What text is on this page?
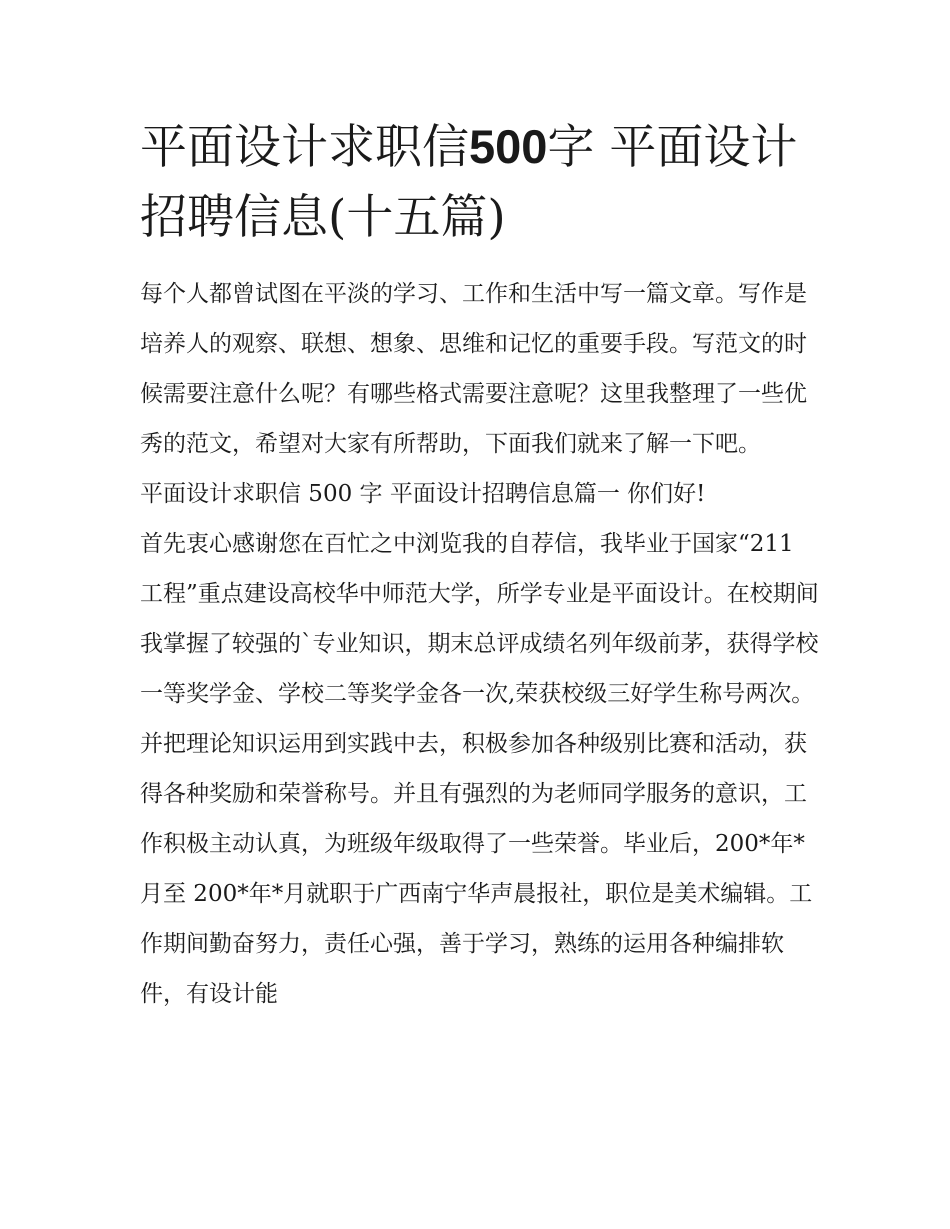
平面设计求职信500字 平面设计招聘信息(十五篇)

每个人都曾试图在平淡的学习、工作和生活中写一篇文章。写作是培养人的观察、联想、想象、思维和记忆的重要手段。写范文的时候需要注意什么呢？有哪些格式需要注意呢？这里我整理了一些优秀的范文，希望对大家有所帮助，下面我们就来了解一下吧。

平面设计求职信 500 字 平面设计招聘信息篇一 你们好!

首先衷心感谢您在百忙之中浏览我的自荐信，我毕业于国家“211 工程”重点建设高校华中师范大学，所学专业是平面设计。在校期间我掌握了较强的`专业知识，期末总评成绩名列年级前茅，获得学校一等奖学金、学校二等奖学金各一次,荣获校级三好学生称号两次。并把理论知识运用到实践中去，积极参加各种级别比赛和活动，获得各种奖励和荣誉称号。并且有强烈的为老师同学服务的意识，工作积极主动认真，为班级年级取得了一些荣誉。毕业后，200*年*月至 200*年*月就职于广西南宁华声晨报社，职位是美术编辑。工作期间勤奋努力，责任心强，善于学习，熟练的运用各种编排软件，有设计能
